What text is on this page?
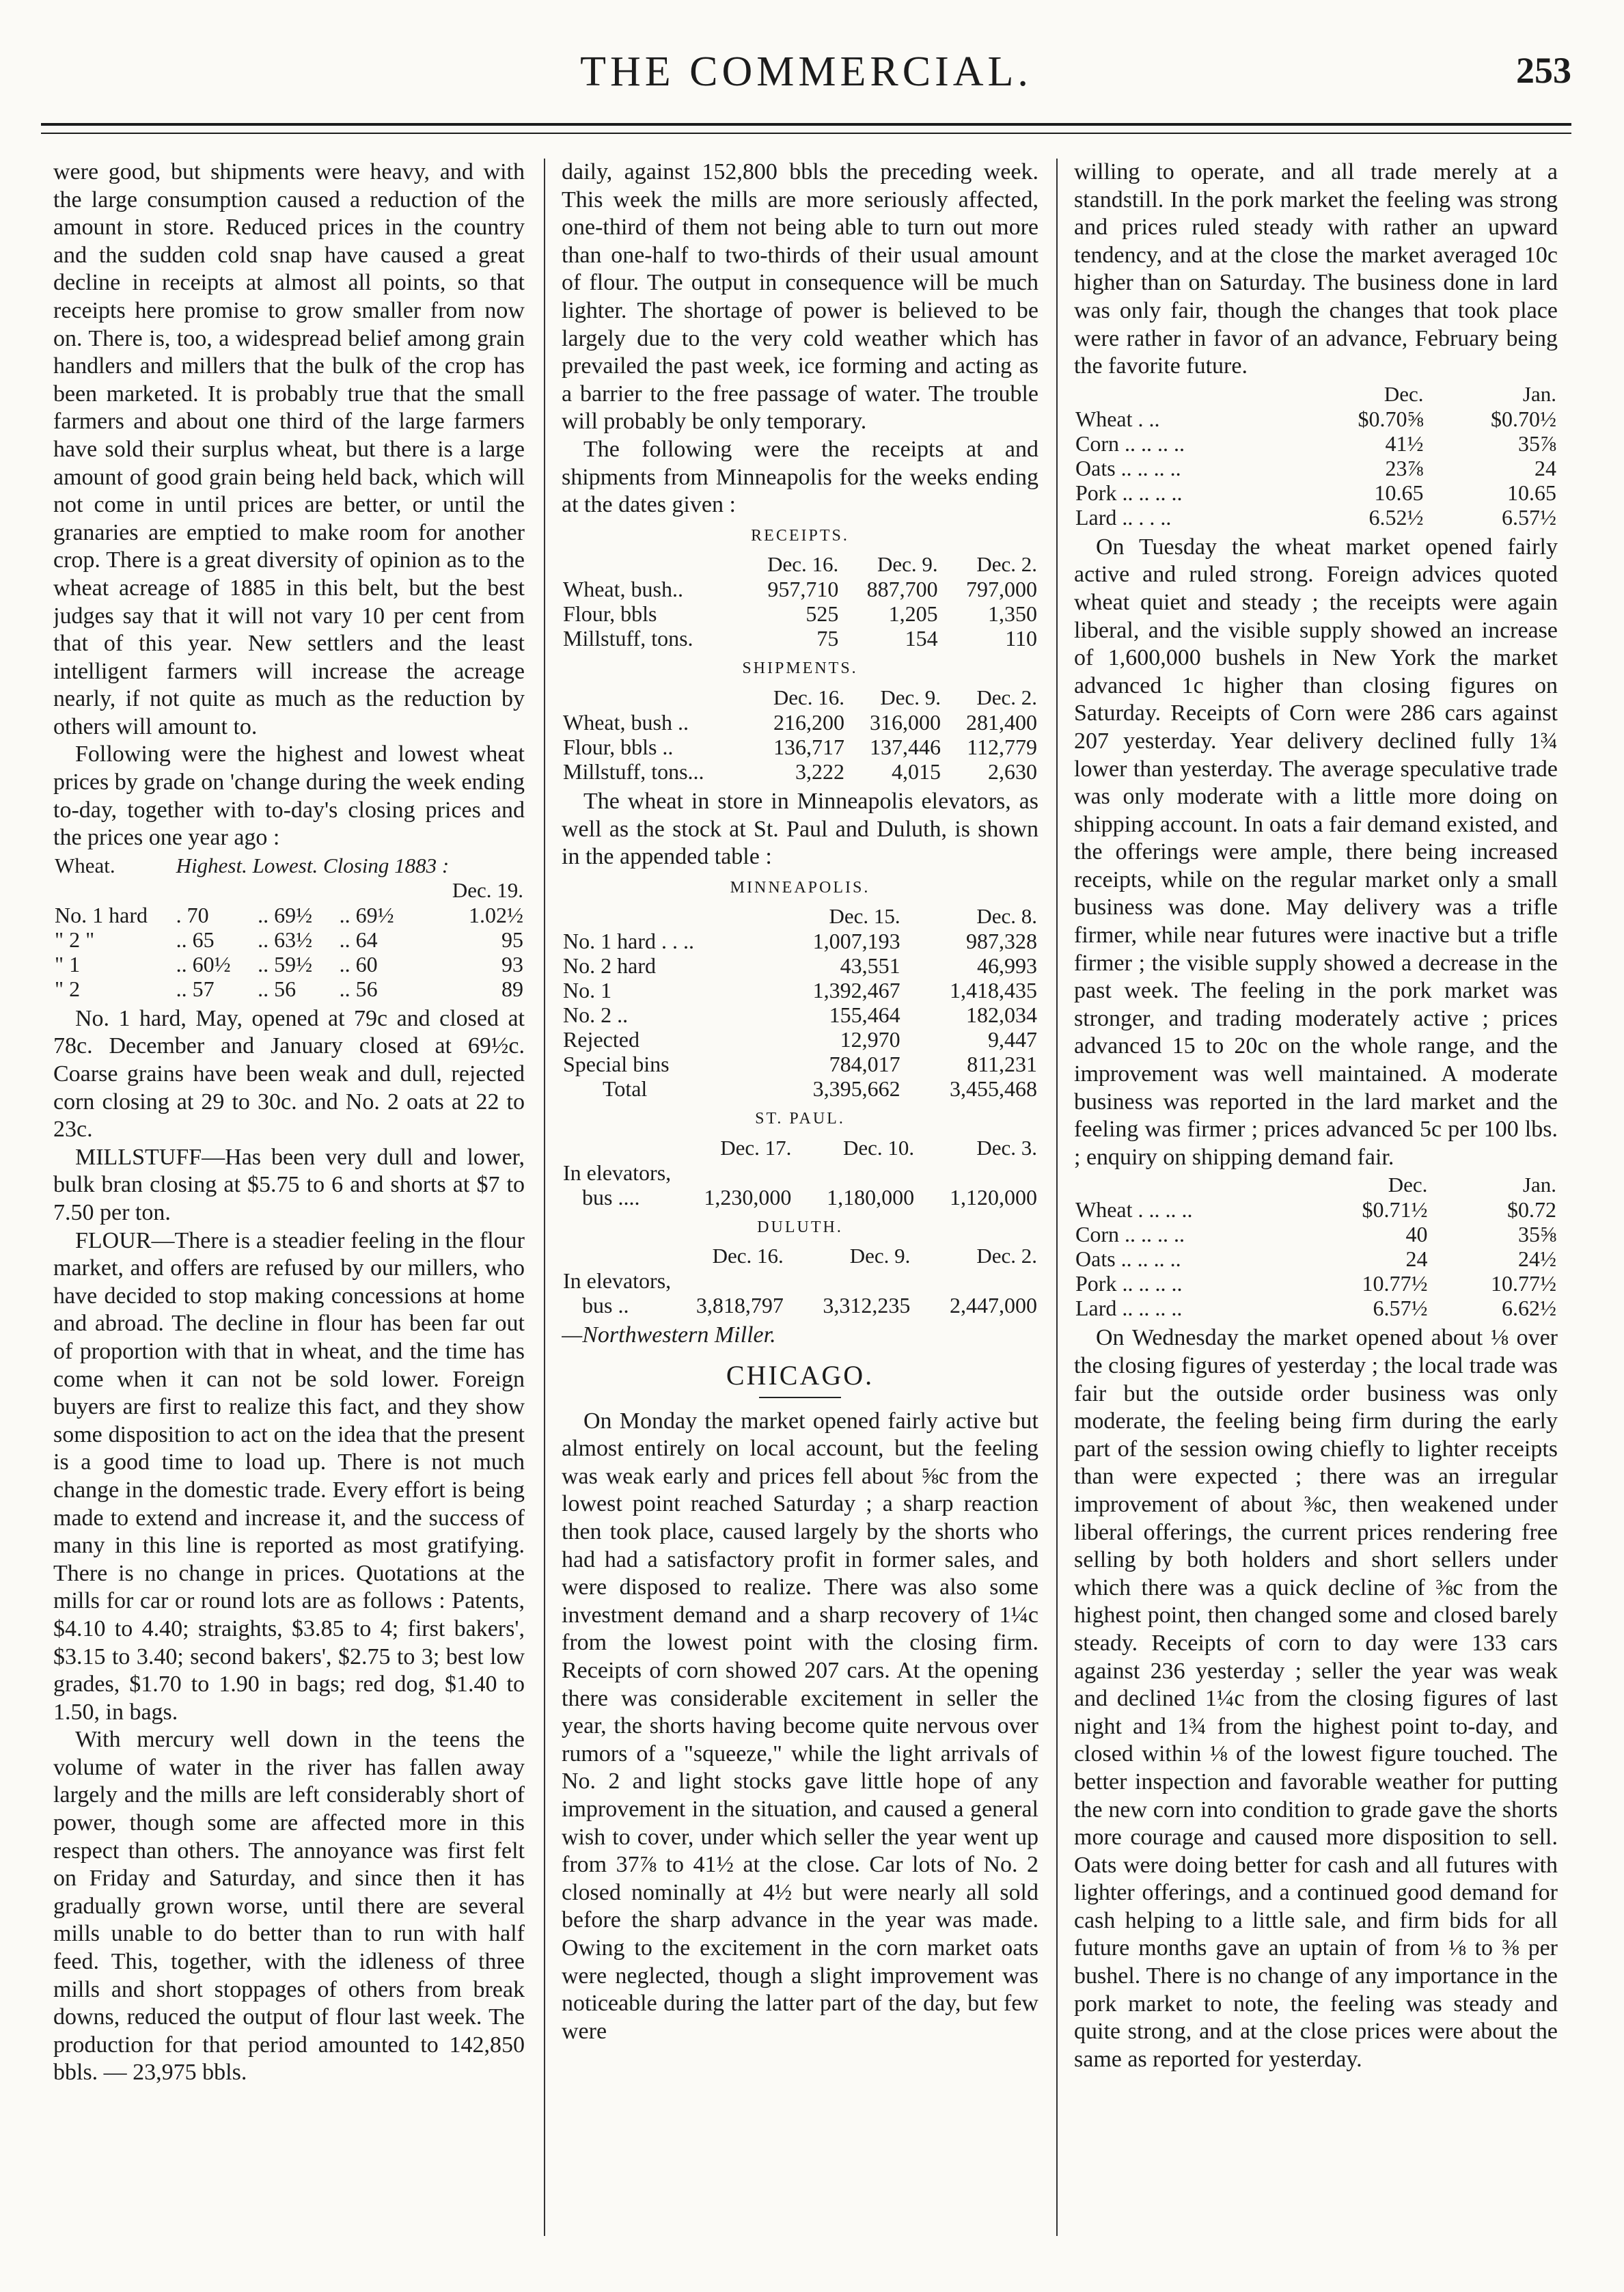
THE COMMERCIAL.	253

were good, but shipments were heavy, and with the large consumption caused a reduction of the amount in store. Reduced prices in the country and the sudden cold snap have caused a great decline in receipts at almost all points, so that receipts here promise to grow smaller from now on. There is, too, a widespread belief among grain handlers and millers that the bulk of the crop has been marketed. It is probably true that the small farmers and about one third of the large farmers have sold their surplus wheat, but there is a large amount of good grain being held back, which will not come in until prices are better, or until the granaries are emptied to make room for another crop. There is a great diversity of opinion as to the wheat acreage of 1885 in this belt, but the best judges say that it will not vary 10 per cent from that of this year. New settlers and the least intelligent farmers will increase the acreage nearly, if not quite as much as the reduction by others will amount to.

Following were the highest and lowest wheat prices by grade on 'change during the week ending to-day, together with to-day's closing prices and the prices one year ago :

Wheat.	Highest. Lowest. Closing 1883 :			
				Dec. 19.
No. 1 hard	. 70	.. 69½	.. 69½	1.02½
" 2 "	.. 65	.. 63½	.. 64	95
" 1	.. 60½	.. 59½	.. 60	93
" 2	.. 57	.. 56	.. 56	89

No. 1 hard, May, opened at 79c and closed at 78c. December and January closed at 69½c. Coarse grains have been weak and dull, rejected corn closing at 29 to 30c. and No. 2 oats at 22 to 23c.

MILLSTUFF—Has been very dull and lower, bulk bran closing at $5.75 to 6 and shorts at $7 to 7.50 per ton.

FLOUR—There is a steadier feeling in the flour market, and offers are refused by our millers, who have decided to stop making concessions at home and abroad. The decline in flour has been far out of proportion with that in wheat, and the time has come when it can not be sold lower. Foreign buyers are first to realize this fact, and they show some disposition to act on the idea that the present is a good time to load up. There is not much change in the domestic trade. Every effort is being made to extend and increase it, and the success of many in this line is reported as most gratifying. There is no change in prices. Quotations at the mills for car or round lots are as follows : Patents, $4.10 to 4.40; straights, $3.85 to 4; first bakers', $3.15 to 3.40; second bakers', $2.75 to 3; best low grades, $1.70 to 1.90 in bags; red dog, $1.40 to 1.50, in bags.

With mercury well down in the teens the volume of water in the river has fallen away largely and the mills are left considerably short of power, though some are affected more in this respect than others. The annoyance was first felt on Friday and Saturday, and since then it has gradually grown worse, until there are several mills unable to do better than to run with half feed. This, together, with the idleness of three mills and short stoppages of others from break downs, reduced the output of flour last week. The production for that period amounted to 142,850 bbls. — 23,975 bbls.

daily, against 152,800 bbls the preceding week. This week the mills are more seriously affected, one-third of them not being able to turn out more than one-half to two-thirds of their usual amount of flour. The output in consequence will be much lighter. The shortage of power is believed to be largely due to the very cold weather which has prevailed the past week, ice forming and acting as a barrier to the free passage of water. The trouble will probably be only temporary.

The following were the receipts at and shipments from Minneapolis for the weeks ending at the dates given :

RECEIPTS.
	Dec. 16.	Dec. 9.	Dec. 2.
Wheat, bush..	957,710	887,700	797,000
Flour, bbls	525	1,205	1,350
Millstuff, tons.	75	154	110
SHIPMENTS.
	Dec. 16.	Dec. 9.	Dec. 2.
Wheat, bush ..	216,200	316,000	281,400
Flour, bbls ..	136,717	137,446	112,779
Millstuff, tons...	3,222	4,015	2,630

The wheat in store in Minneapolis elevators, as well as the stock at St. Paul and Duluth, is shown in the appended table :

MINNEAPOLIS.
	Dec. 15.	Dec. 8.
No. 1 hard . . ..	1,007,193	987,328
No. 2 hard	43,551	46,993
No. 1	1,392,467	1,418,435
No. 2 ..	155,464	182,034
Rejected	12,970	9,447
Special bins	784,017	811,231
Total	3,395,662	3,455,468
ST. PAUL.
	Dec. 17.	Dec. 10.	Dec. 3.
In elevators,			
bus ....	1,230,000	1,180,000	1,120,000
DULUTH.
	Dec. 16.	Dec. 9.	Dec. 2.
In elevators,			
bus ..	3,818,797	3,312,235	2,447,000
—Northwestern Miller.
CHICAGO.

On Monday the market opened fairly active but almost entirely on local account, but the feeling was weak early and prices fell about ⅝c from the lowest point reached Saturday ; a sharp reaction then took place, caused largely by the shorts who had had a satisfactory profit in former sales, and were disposed to realize. There was also some investment demand and a sharp recovery of 1¼c from the lowest point with the closing firm. Receipts of corn showed 207 cars. At the opening there was considerable excitement in seller the year, the shorts having become quite nervous over rumors of a "squeeze," while the light arrivals of No. 2 and light stocks gave little hope of any improvement in the situation, and caused a general wish to cover, under which seller the year went up from 37⅞ to 41½ at the close. Car lots of No. 2 closed nominally at 4½ but were nearly all sold before the sharp advance in the year was made. Owing to the excitement in the corn market oats were neglected, though a slight improvement was noticeable during the latter part of the day, but few were

willing to operate, and all trade merely at a standstill. In the pork market the feeling was strong and prices ruled steady with rather an upward tendency, and at the close the market averaged 10c higher than on Saturday. The business done in lard was only fair, though the changes that took place were rather in favor of an advance, February being the favorite future.

	Dec.	Jan.
Wheat . ..	$0.70⅝	$0.70½
Corn .. .. .. ..	41½	35⅞
Oats .. .. .. ..	23⅞	24
Pork .. .. .. ..	10.65	10.65
Lard .. . . ..	6.52½	6.57½

On Tuesday the wheat market opened fairly active and ruled strong. Foreign advices quoted wheat quiet and steady ; the receipts were again liberal, and the visible supply showed an increase of 1,600,000 bushels in New York the market advanced 1c higher than closing figures on Saturday. Receipts of Corn were 286 cars against 207 yesterday. Year delivery declined fully 1¾ lower than yesterday. The average speculative trade was only moderate with a little more doing on shipping account. In oats a fair demand existed, and the offerings were ample, there being increased receipts, while on the regular market only a small business was done. May delivery was a trifle firmer, while near futures were inactive but a trifle firmer ; the visible supply showed a decrease in the past week. The feeling in the pork market was stronger, and trading moderately active ; prices advanced 15 to 20c on the whole range, and the improvement was well maintained. A moderate business was reported in the lard market and the feeling was firmer ; prices advanced 5c per 100 lbs. ; enquiry on shipping demand fair.

	Dec.	Jan.
Wheat . .. .. ..	$0.71½	$0.72
Corn .. .. .. ..	40	35⅝
Oats .. .. .. ..	24	24½
Pork .. .. .. ..	10.77½	10.77½
Lard .. .. .. ..	6.57½	6.62½

On Wednesday the market opened about ⅛ over the closing figures of yesterday ; the local trade was fair but the outside order business was only moderate, the feeling being firm during the early part of the session owing chiefly to lighter receipts than were expected ; there was an irregular improvement of about ⅜c, then weakened under liberal offerings, the current prices rendering free selling by both holders and short sellers under which there was a quick decline of ⅜c from the highest point, then changed some and closed barely steady. Receipts of corn to day were 133 cars against 236 yesterday ; seller the year was weak and declined 1¼c from the closing figures of last night and 1¾ from the highest point to-day, and closed within ⅛ of the lowest figure touched. The better inspection and favorable weather for putting the new corn into condition to grade gave the shorts more courage and caused more disposition to sell. Oats were doing better for cash and all futures with lighter offerings, and a continued good demand for cash helping to a little sale, and firm bids for all future months gave an uptain of from ⅛ to ⅜ per bushel. There is no change of any importance in the pork market to note, the feeling was steady and quite strong, and at the close prices were about the same as reported for yesterday.
